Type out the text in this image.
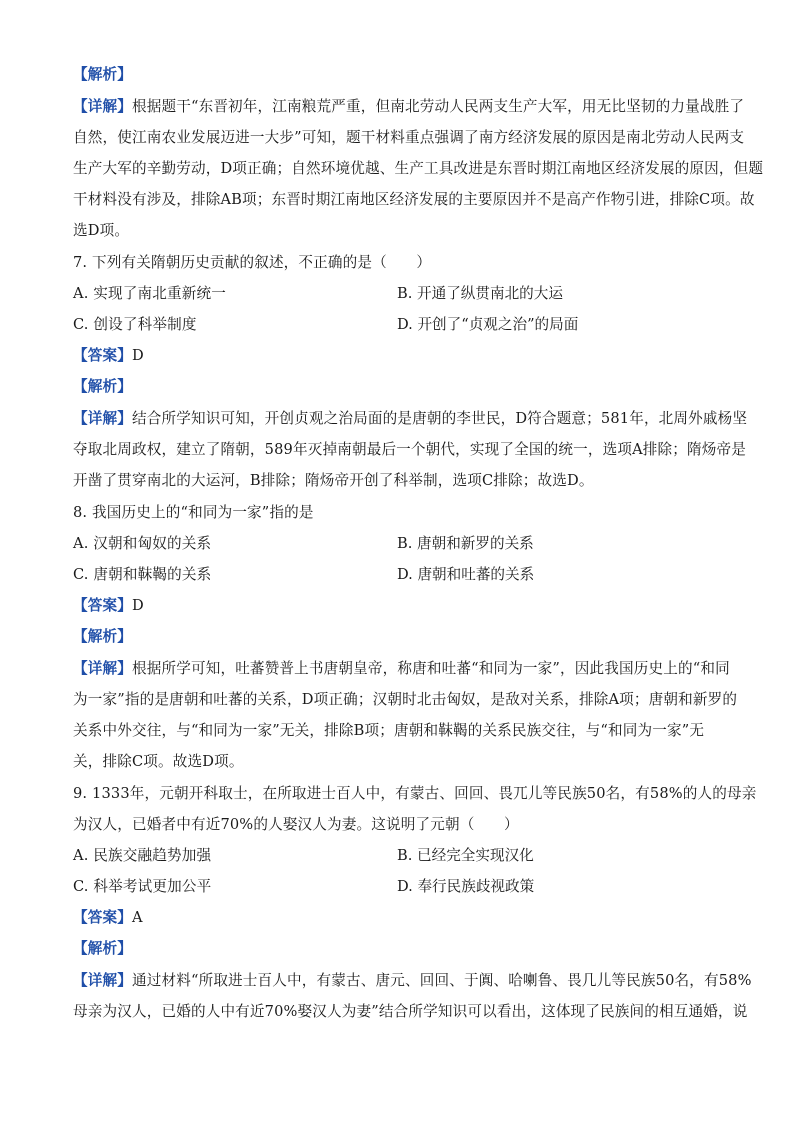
【解析】
【详解】根据题干“东晋初年，江南粮荒严重，但南北劳动人民两支生产大军，用无比坚韧的力量战胜了
自然，使江南农业发展迈进一大步”可知，题干材料重点强调了南方经济发展的原因是南北劳动人民两支
生产大军的辛勤劳动，D项正确；自然环境优越、生产工具改进是东晋时期江南地区经济发展的原因，但题
干材料没有涉及，排除AB项；东晋时期江南地区经济发展的主要原因并不是高产作物引进，排除C项。故
选D项。
7. 下列有关隋朝历史贡献的叙述，不正确的是（　　）
A. 实现了南北重新统一	B. 开通了纵贯南北的大运
C. 创设了科举制度	D. 开创了“贞观之治”的局面
【答案】D
【解析】
【详解】结合所学知识可知，开创贞观之治局面的是唐朝的李世民，D符合题意；581年，北周外戚杨坚
夺取北周政权，建立了隋朝，589年灭掉南朝最后一个朝代，实现了全国的统一，选项A排除；隋炀帝是
开凿了贯穿南北的大运河，B排除；隋炀帝开创了科举制，选项C排除；故选D。
8. 我国历史上的“和同为一家”指的是
A. 汉朝和匈奴的关系	B. 唐朝和新罗的关系
C. 唐朝和靺鞨的关系	D. 唐朝和吐蕃的关系
【答案】D
【解析】
【详解】根据所学可知，吐蕃赞普上书唐朝皇帝，称唐和吐蕃“和同为一家”，因此我国历史上的“和同
为一家”指的是唐朝和吐蕃的关系，D项正确；汉朝时北击匈奴，是敌对关系，排除A项；唐朝和新罗的
关系中外交往，与“和同为一家”无关，排除B项；唐朝和靺鞨的关系民族交往，与“和同为一家”无
关，排除C项。故选D项。
9. 1333年，元朝开科取士，在所取进士百人中，有蒙古、回回、畏兀儿等民族50名，有58%的人的母亲
为汉人，已婚者中有近70%的人娶汉人为妻。这说明了元朝（　　）
A. 民族交融趋势加强	B. 已经完全实现汉化
C. 科举考试更加公平	D. 奉行民族歧视政策
【答案】A
【解析】
【详解】通过材料“所取进士百人中，有蒙古、唐元、回回、于阗、哈喇鲁、畏几儿等民族50名，有58%
母亲为汉人，已婚的人中有近70%娶汉人为妻”结合所学知识可以看出，这体现了民族间的相互通婚，说
